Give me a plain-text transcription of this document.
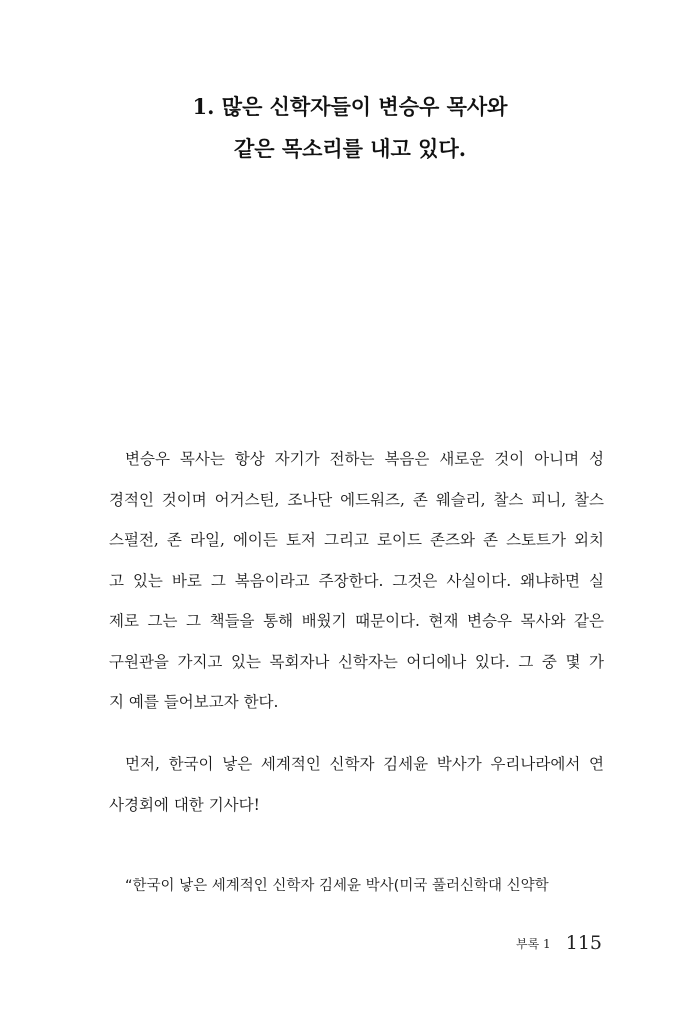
1. 많은 신학자들이 변승우 목사와
같은 목소리를 내고 있다.
변승우 목사는 항상 자기가 전하는 복음은 새로운 것이 아니며 성
경적인 것이며 어거스틴, 조나단 에드워즈, 존 웨슬리, 찰스 피니, 찰스
스펄전, 존 라일, 에이든 토저 그리고 로이드 존즈와 존 스토트가 외치
고 있는 바로 그 복음이라고 주장한다. 그것은 사실이다. 왜냐하면 실
제로 그는 그 책들을 통해 배웠기 때문이다. 현재 변승우 목사와 같은
구원관을 가지고 있는 목회자나 신학자는 어디에나 있다. 그 중 몇 가
지 예를 들어보고자 한다.
먼저, 한국이 낳은 세계적인 신학자 김세윤 박사가 우리나라에서 연
사경회에 대한 기사다!
“한국이 낳은 세계적인 신학자 김세윤 박사(미국 풀러신학대 신약학
부록 1 115
